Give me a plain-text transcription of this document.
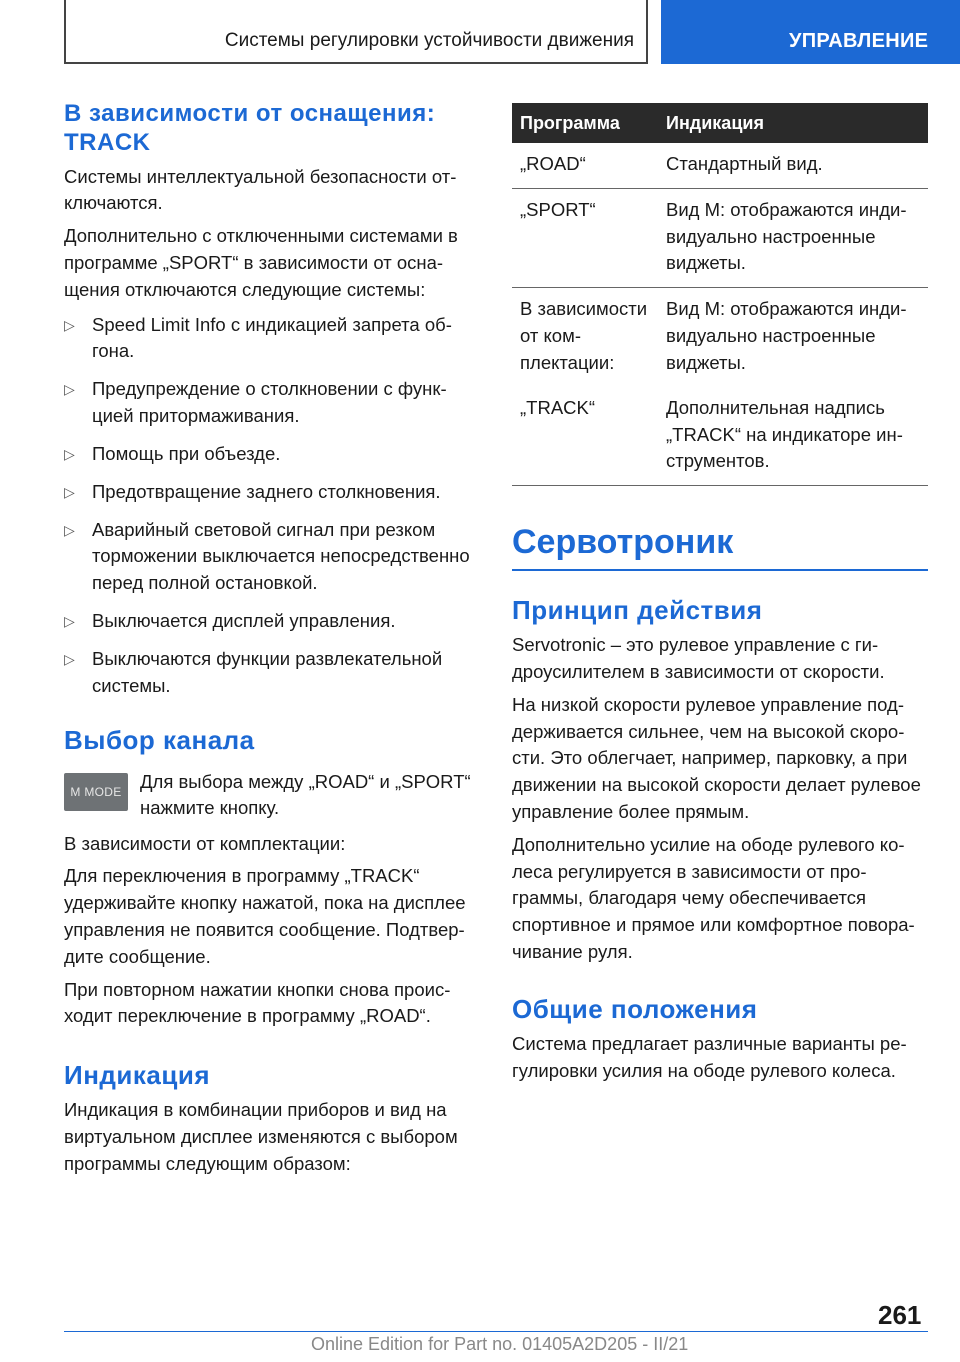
Системы регулировки устойчивости движения	УПРАВЛЕНИЕ
В зависимости от оснащения:
TRACK

Системы интеллектуальной безопасности отключаются.

Дополнительно с отключенными системами в программе „SPORT“ в зависимости от оснащения отключаются следующие системы:

▷ Speed Limit Info с индикацией запрета обгона.
▷ Предупреждение о столкновении с функцией притормаживания.
▷ Помощь при объезде.
▷ Предотвращение заднего столкновения.
▷ Аварийный световой сигнал при резком торможении выключается непосредственно перед полной остановкой.
▷ Выключается дисплей управления.
▷ Выключаются функции развлекательной системы.
Выбор канала
M MODE Для выбора между „ROAD“ и „SPORT“ нажмите кнопку.

В зависимости от комплектации:

Для переключения в программу „TRACK“ удерживайте кнопку нажатой, пока на дисплее управления не появится сообщение. Подтвердите сообщение.

При повторном нажатии кнопки снова происходит переключение в программу „ROAD“.

Индикация

Индикация в комбинации приборов и вид на виртуальном дисплее изменяются с выбором программы следующим образом:

Программа	Индикация
„ROAD“	Стандартный вид.
„SPORT“	Вид M: отображаются индивидуально настроенные виджеты.
В зависимости от комплектации:	Вид M: отображаются индивидуально настроенные виджеты.
„TRACK“	Дополнительная надпись „TRACK“ на индикаторе инструментов.
Сервотроник
Принцип действия

Servotronic – это рулевое управление с гидроусилителем в зависимости от скорости.

На низкой скорости рулевое управление поддерживается сильнее, чем на высокой скорости. Это облегчает, например, парковку, а при движении на высокой скорости делает рулевое управление более прямым.

Дополнительно усилие на ободе рулевого колеса регулируется в зависимости от программы, благодаря чему обеспечивается спортивное и прямое или комфортное поворачивание руля.

Общие положения

Система предлагает различные варианты регулировки усилия на ободе рулевого колеса.

261
Online Edition for Part no. 01405A2D205 - II/21
